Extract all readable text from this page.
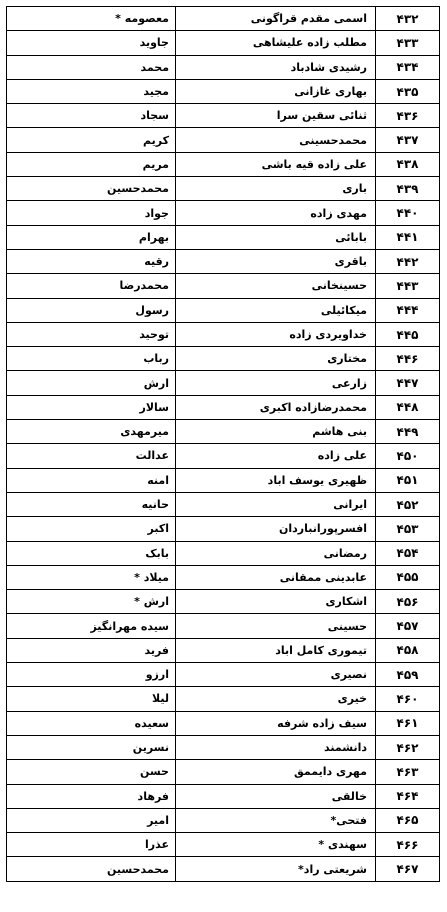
۴۳۲
اسمی مقدم قراگونی
معصومه *
۴۳۳
مطلب زاده علیشاهی
جاوید
۴۳۴
رشیدی شادباد
محمد
۴۳۵
بهاری غازانی
مجید
۴۳۶
ثنائی سقین سرا
سجاد
۴۳۷
محمدحسینی
کریم
۴۳۸
علی زاده قیه باشی
مریم
۴۳۹
باری
محمدحسین
۴۴۰
مهدی زاده
جواد
۴۴۱
بابائی
بهرام
۴۴۲
باقری
رقیه
۴۴۳
حسینخانی
محمدرضا
۴۴۴
میکائیلی
رسول
۴۴۵
خداویردی زاده
توحید
۴۴۶
مختاری
رباب
۴۴۷
زارعی
ارش
۴۴۸
محمدرضازاده اکبری
سالار
۴۴۹
بنی هاشم
میرمهدی
۴۵۰
علی زاده
عدالت
۴۵۱
ظهیری یوسف اباد
امنه
۴۵۲
ایرانی
حانیه
۴۵۳
افسرپورانباردان
اکبر
۴۵۴
رمضانی
بابک
۴۵۵
عابدینی ممقانی
میلاد *
۴۵۶
اشکاری
ارش *
۴۵۷
حسینی
سیده مهرانگیز
۴۵۸
تیموری کامل اباد
فرید
۴۵۹
نصیری
ارزو
۴۶۰
خیری
لیلا
۴۶۱
سیف زاده شرفه
سعیده
۴۶۲
دانشمند
نسرین
۴۶۳
مهری دایممق
حسن
۴۶۴
خالقی
فرهاد
۴۶۵
فتحی*
امیر
۴۶۶
سهندی *
عذرا
۴۶۷
شریعتی راد*
محمدحسین
